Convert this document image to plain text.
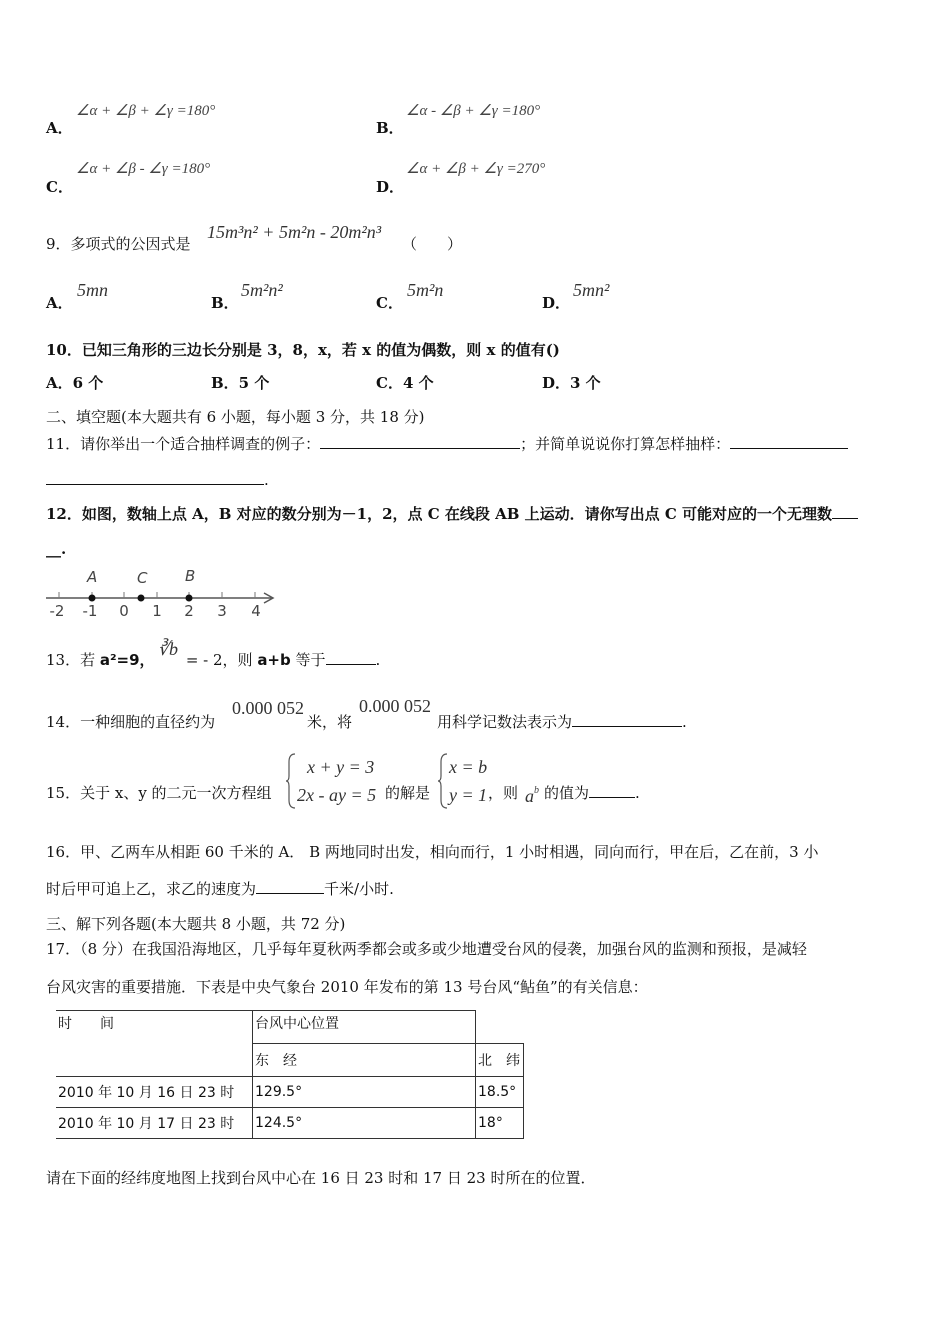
∠α + ∠β + ∠γ =180°
A．
∠α - ∠β + ∠γ =180°
B．
∠α + ∠β - ∠γ =180°
C．
∠α + ∠β + ∠γ =270°
D．
9．多项式的公因式是
15m³n² + 5m²n - 20m²n³
（　　）
A．
5mn
B．
5m²n²
C．
5m²n
D．
5mn²
10．已知三角形的三边长分别是 3，8，x，若 x 的值为偶数，则 x 的值有()
A．6 个	B．5 个	C．4 个	D．3 个
二、填空题(本大题共有 6 小题，每小题 3 分，共 18 分)
11．请你举出一个适合抽样调查的例子：	；并简单说说你打算怎样抽样：
.
12．如图，数轴上点 A，B 对应的数分别为－1，2，点 C 在线段 AB 上运动．请你写出点 C 可能对应的一个无理数
__.
A	C	B
-2 -1 0 1 2 3 4
13．若 a²=9，∛b = - 2，则 a+b 等于	.
14．一种细胞的直径约为
0.000 052
米，将
0.000 052
用科学记数法表示为	.
15．关于 x、y 的二元一次方程组
x + y = 3
2x - ay = 5 的解是
x = b
y = 1 ，则 $a^b$ 的值为	.
16．甲、乙两车从相距 60 千米的 A． B 两地同时出发，相向而行，1 小时相遇，同向而行，甲在后，乙在前，3 小
时后甲可追上乙，求乙的速度为	千米/小时.
三、解下列各题(本大题共 8 小题，共 72 分)
17．（8 分）在我国沿海地区，几乎每年夏秋两季都会或多或少地遭受台风的侵袭，加强台风的监测和预报，是减轻
台风灾害的重要措施．下表是中央气象台 2010 年发布的第 13 号台风“鲇鱼”的有关信息：
时　　间	台风中心位置	
	东　经	北　纬
2010 年 10 月 16 日 23 时	129.5°	18.5°
2010 年 10 月 17 日 23 时	124.5°	18°
请在下面的经纬度地图上找到台风中心在 16 日 23 时和 17 日 23 时所在的位置．
